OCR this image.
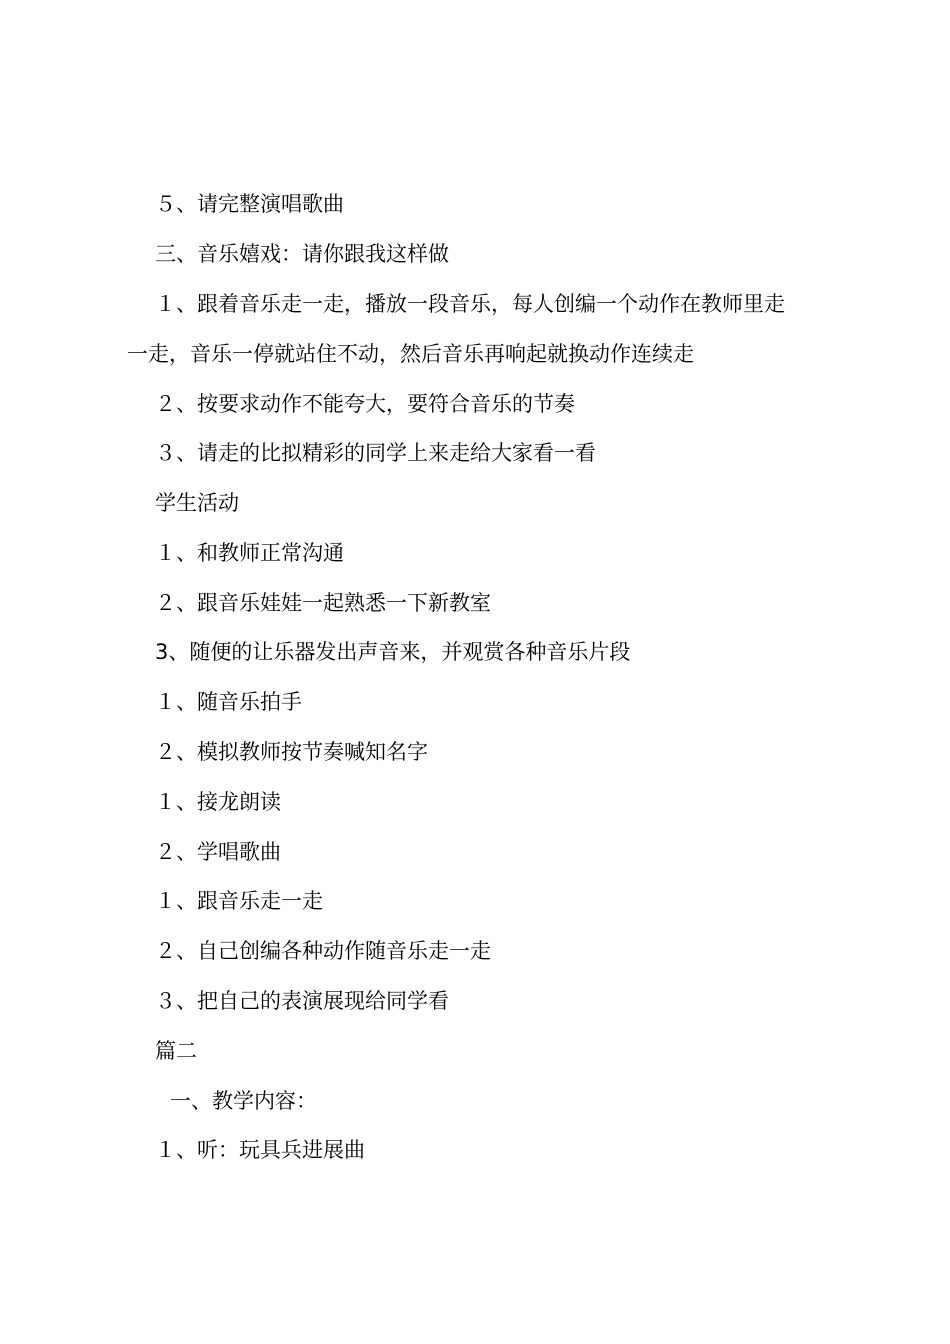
５、请完整演唱歌曲
三、音乐嬉戏：请你跟我这样做
１、跟着音乐走一走，播放一段音乐，每人创编一个动作在教师里走
一走，音乐一停就站住不动，然后音乐再响起就换动作连续走
２、按要求动作不能夸大，要符合音乐的节奏
３、请走的比拟精彩的同学上来走给大家看一看
学生活动
１、和教师正常沟通
２、跟音乐娃娃一起熟悉一下新教室
3、随便的让乐器发出声音来，并观赏各种音乐片段
１、随音乐拍手
２、模拟教师按节奏喊知名字
１、接龙朗读
２、学唱歌曲
１、跟音乐走一走
２、自己创编各种动作随音乐走一走
３、把自己的表演展现给同学看
篇二
一、教学内容：
１、听：玩具兵进展曲
